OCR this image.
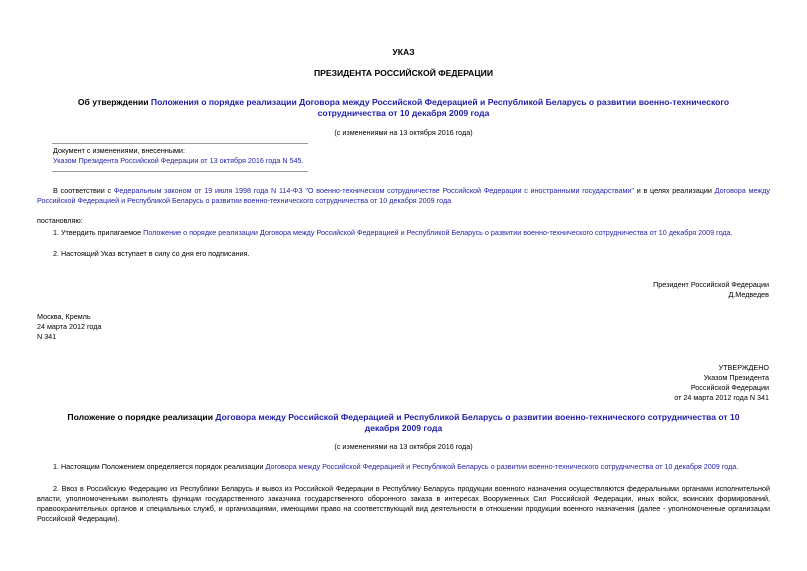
УКАЗ
ПРЕЗИДЕНТА РОССИЙСКОЙ ФЕДЕРАЦИИ
Об утверждении Положения о порядке реализации Договора между Российской Федерацией и Республикой Беларусь о развитии военно-технического сотрудничества от 10 декабря 2009 года
(с изменениями на 13 октября 2016 года)
Документ с изменениями, внесенными:
Указом Президента Российской Федерации от 13 октября 2016 года N 545.
В соответствии с Федеральным законом от 19 июля 1998 года N 114-ФЗ "О военно-техническом сотрудничестве Российской Федерации с иностранными государствами" и в целях реализации Договора между Российской Федерацией и Республикой Беларусь о развитии военно-технического сотрудничества от 10 декабря 2009 года
постановляю:
1. Утвердить прилагаемое Положение о порядке реализации Договора между Российской Федерацией и Республикой Беларусь о развитии военно-технического сотрудничества от 10 декабря 2009 года.
2. Настоящий Указ вступает в силу со дня его подписания.
Президент Российской Федерации
Д.Медведев
Москва, Кремль
24 марта 2012 года
N 341
УТВЕРЖДЕНО
Указом Президента
Российской Федерации
от 24 марта 2012 года N 341
Положение о порядке реализации Договора между Российской Федерацией и Республикой Беларусь о развитии военно-технического сотрудничества от 10 декабря 2009 года
(с изменениями на 13 октября 2016 года)
1. Настоящим Положением определяется порядок реализации Договора между Российской Федерацией и Республикой Беларусь о развитии военно-технического сотрудничества от 10 декабря 2009 года.
2. Ввоз в Российскую Федерацию из Республики Беларусь и вывоз из Российской Федерации в Республику Беларусь продукции военного назначения осуществляются федеральными органами исполнительной власти, уполномоченными выполнять функции государственного заказчика государственного оборонного заказа в интересах Вооруженных Сил Российской Федерации, иных войск, воинских формирований, правоохранительных органов и специальных служб, и организациями, имеющими право на соответствующий вид деятельности в отношении продукции военного назначения (далее - уполномоченные организации Российской Федерации).
